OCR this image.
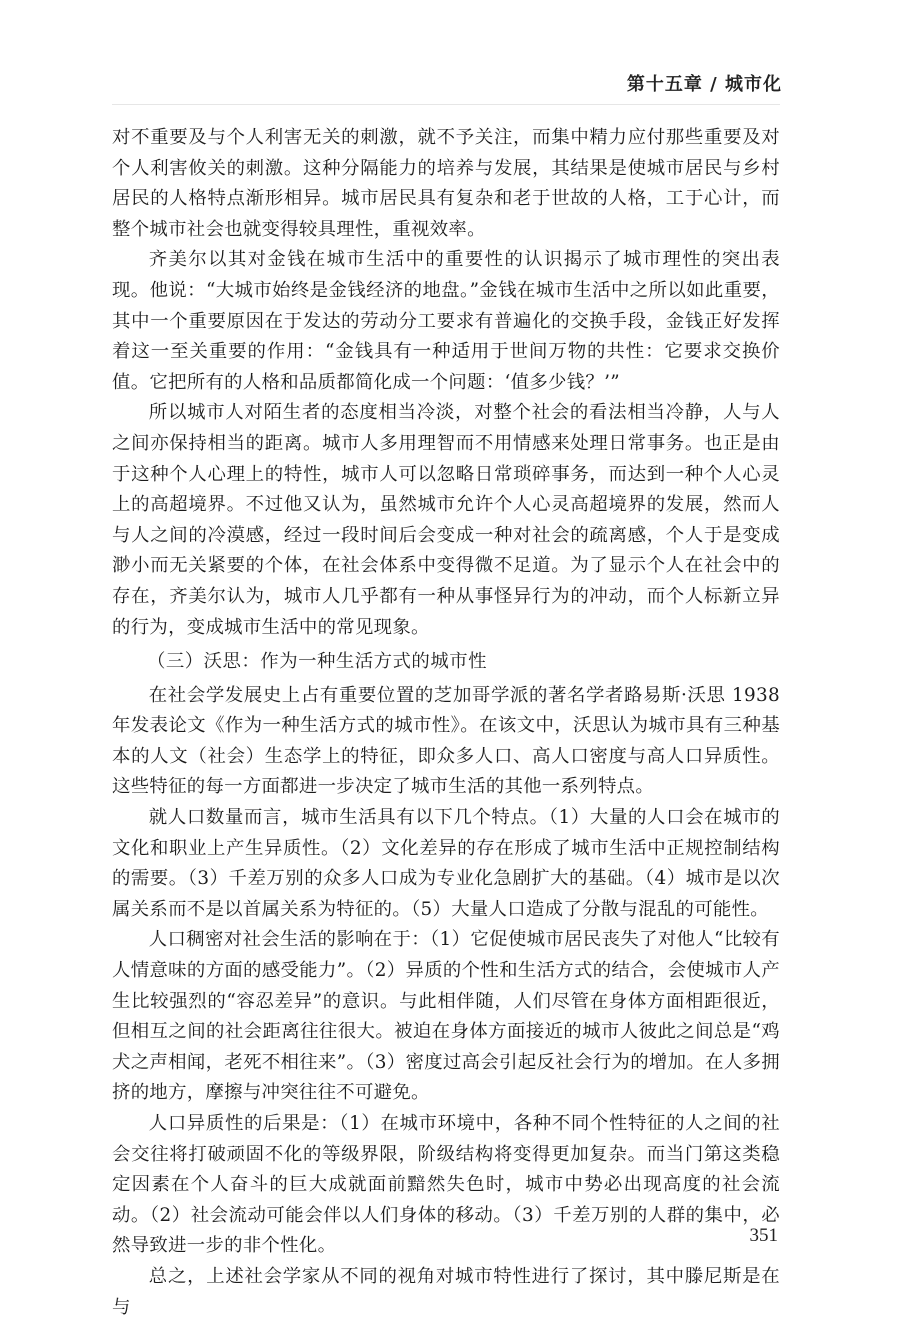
第十五章 / 城市化

对不重要及与个人利害无关的刺激，就不予关注，而集中精力应付那些重要及对个人利害攸关的刺激。这种分隔能力的培养与发展，其结果是使城市居民与乡村居民的人格特点渐形相异。城市居民具有复杂和老于世故的人格，工于心计，而整个城市社会也就变得较具理性，重视效率。

齐美尔以其对金钱在城市生活中的重要性的认识揭示了城市理性的突出表现。他说：“大城市始终是金钱经济的地盘。”金钱在城市生活中之所以如此重要，其中一个重要原因在于发达的劳动分工要求有普遍化的交换手段，金钱正好发挥着这一至关重要的作用：“金钱具有一种适用于世间万物的共性：它要求交换价值。它把所有的人格和品质都简化成一个问题：‘值多少钱？’”

所以城市人对陌生者的态度相当冷淡，对整个社会的看法相当冷静，人与人之间亦保持相当的距离。城市人多用理智而不用情感来处理日常事务。也正是由于这种个人心理上的特性，城市人可以忽略日常琐碎事务，而达到一种个人心灵上的高超境界。不过他又认为，虽然城市允许个人心灵高超境界的发展，然而人与人之间的冷漠感，经过一段时间后会变成一种对社会的疏离感，个人于是变成渺小而无关紧要的个体，在社会体系中变得微不足道。为了显示个人在社会中的存在，齐美尔认为，城市人几乎都有一种从事怪异行为的冲动，而个人标新立异的行为，变成城市生活中的常见现象。

（三）沃思：作为一种生活方式的城市性

在社会学发展史上占有重要位置的芝加哥学派的著名学者路易斯·沃思 1938 年发表论文《作为一种生活方式的城市性》。在该文中，沃思认为城市具有三种基本的人文（社会）生态学上的特征，即众多人口、高人口密度与高人口异质性。这些特征的每一方面都进一步决定了城市生活的其他一系列特点。

就人口数量而言，城市生活具有以下几个特点。（1）大量的人口会在城市的文化和职业上产生异质性。（2）文化差异的存在形成了城市生活中正规控制结构的需要。（3）千差万别的众多人口成为专业化急剧扩大的基础。（4）城市是以次属关系而不是以首属关系为特征的。（5）大量人口造成了分散与混乱的可能性。

人口稠密对社会生活的影响在于：（1）它促使城市居民丧失了对他人“比较有人情意味的方面的感受能力”。（2）异质的个性和生活方式的结合，会使城市人产生比较强烈的“容忍差异”的意识。与此相伴随，人们尽管在身体方面相距很近，但相互之间的社会距离往往很大。被迫在身体方面接近的城市人彼此之间总是“鸡犬之声相闻，老死不相往来”。（3）密度过高会引起反社会行为的增加。在人多拥挤的地方，摩擦与冲突往往不可避免。

人口异质性的后果是：（1）在城市环境中，各种不同个性特征的人之间的社会交往将打破顽固不化的等级界限，阶级结构将变得更加复杂。而当门第这类稳定因素在个人奋斗的巨大成就面前黯然失色时，城市中势必出现高度的社会流动。（2）社会流动可能会伴以人们身体的移动。（3）千差万别的人群的集中，必然导致进一步的非个性化。

总之，上述社会学家从不同的视角对城市特性进行了探讨，其中滕尼斯是在与

351
